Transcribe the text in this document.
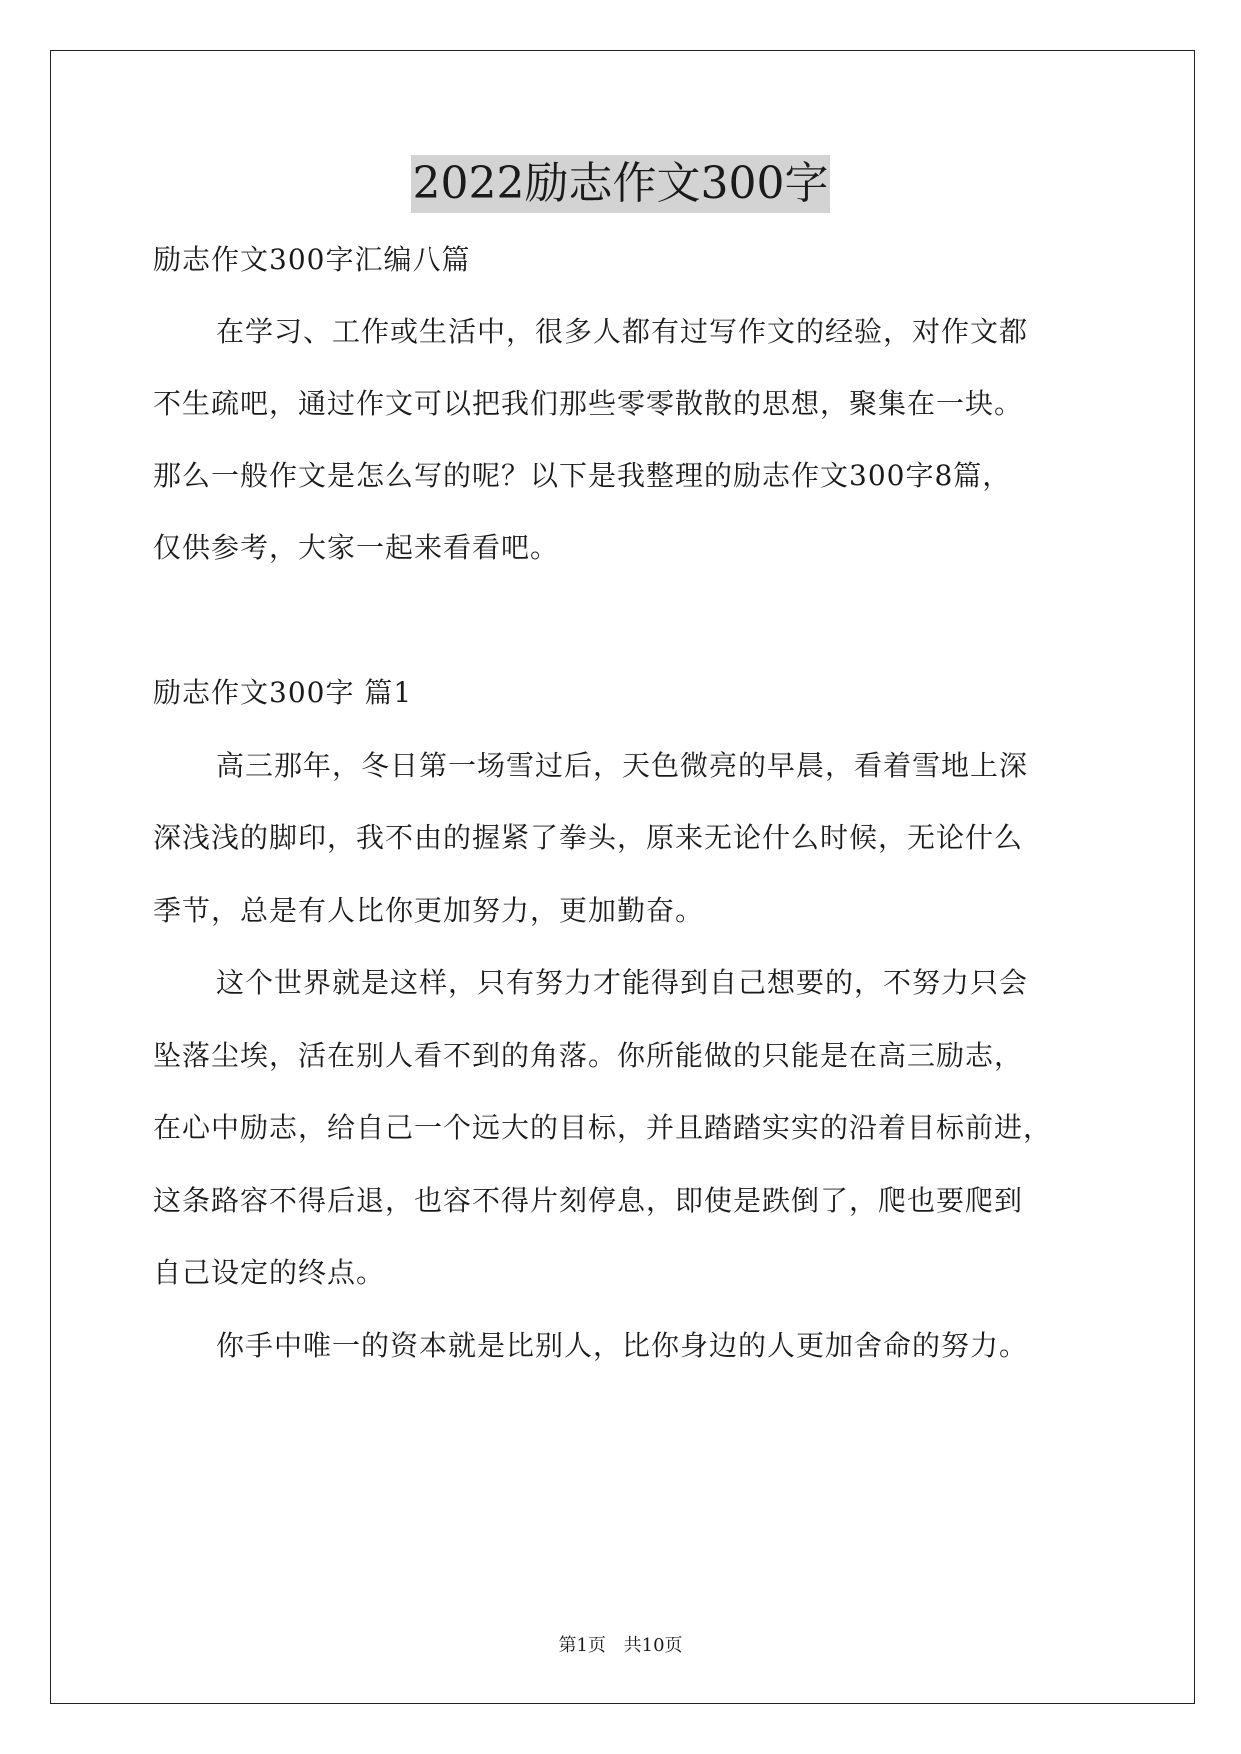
2022励志作文300字
励志作文300字汇编八篇
在学习、工作或生活中，很多人都有过写作文的经验，对作文都
不生疏吧，通过作文可以把我们那些零零散散的思想，聚集在一块。
那么一般作文是怎么写的呢？以下是我整理的励志作文300字8篇，
仅供参考，大家一起来看看吧。
励志作文300字 篇1
高三那年，冬日第一场雪过后，天色微亮的早晨，看着雪地上深
深浅浅的脚印，我不由的握紧了拳头，原来无论什么时候，无论什么
季节，总是有人比你更加努力，更加勤奋。
这个世界就是这样，只有努力才能得到自己想要的，不努力只会
坠落尘埃，活在别人看不到的角落。你所能做的只能是在高三励志，
在心中励志，给自己一个远大的目标，并且踏踏实实的沿着目标前进，
这条路容不得后退，也容不得片刻停息，即使是跌倒了，爬也要爬到
自己设定的终点。
你手中唯一的资本就是比别人，比你身边的人更加舍命的努力。
第1页 共10页
